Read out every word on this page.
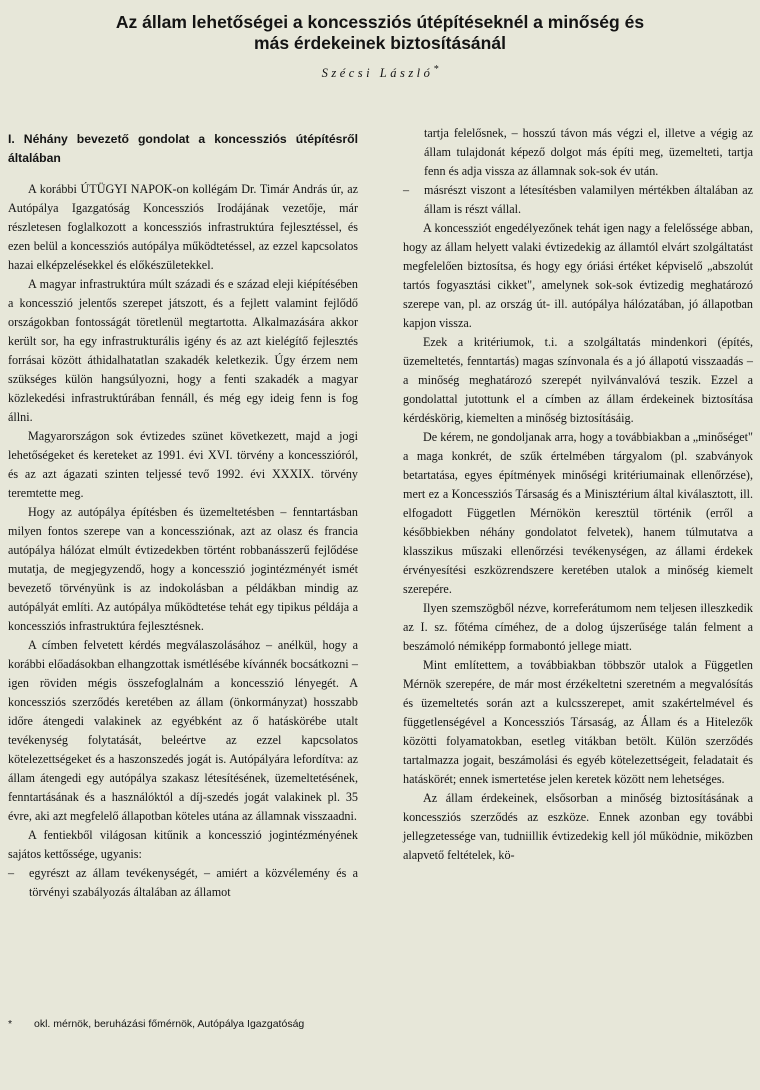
Az állam lehetőségei a koncessziós útépítéseknél a minőség és
más érdekeinek biztosításánál
Szécsi László*
I. Néhány bevezető gondolat a koncessziós útépítésről általában

A korábbi ÚTÜGYI NAPOK-on kollégám Dr. Timár András úr, az Autópálya Igazgatóság Koncessziós Irodájának vezetője, már részletesen foglalkozott a koncessziós infrastruktúra fejlesztéssel, és ezen belül a koncessziós autópálya működtetéssel, az ezzel kapcsolatos hazai elképzelésekkel és előkészületekkel.

A magyar infrastruktúra múlt századi és e század eleji kiépítésében a koncesszió jelentős szerepet játszott, és a fejlett valamint fejlődő országokban fontosságát töretlenül megtartotta. Alkalmazására akkor került sor, ha egy infrastrukturális igény és az azt kielégítő fejlesztés forrásai között áthidalhatatlan szakadék keletkezik. Úgy érzem nem szükséges külön hangsúlyozni, hogy a fenti szakadék a magyar közlekedési infrastruktúrában fennáll, és még egy ideig fenn is fog állni.

Magyarországon sok évtizedes szünet következett, majd a jogi lehetőségeket és kereteket az 1991. évi XVI. törvény a koncesszióról, és az azt ágazati szinten teljessé tevő 1992. évi XXXIX. törvény teremtette meg.

Hogy az autópálya építésben és üzemeltetésben – fenntartásban milyen fontos szerepe van a koncessziónak, azt az olasz és francia autópálya hálózat elmúlt évtizedekben történt robbanásszerű fejlődése mutatja, de megjegyzendő, hogy a koncesszió jogintézményét ismét bevezető törvényünk is az indokolásban a példákban mindig az autópályát említi. Az autópálya működtetése tehát egy tipikus példája a koncessziós infrastruktúra fejlesztésnek.

A címben felvetett kérdés megválaszolásához – anélkül, hogy a korábbi előadásokban elhangzottak ismétlésébe kívánnék bocsátkozni – igen röviden mégis összefoglalnám a koncesszió lényegét. A koncessziós szerződés keretében az állam (önkormányzat) hosszabb időre átengedi valakinek az egyébként az ő hatáskörébe utalt tevékenység folytatását, beleértve az ezzel kapcsolatos kötelezettségeket és a haszonszedés jogát is. Autópályára lefordítva: az állam átengedi egy autópálya szakasz létesítésének, üzemeltetésének, fenntartásának és a használóktól a díj-szedés jogát valakinek pl. 35 évre, aki azt megfelelő állapotban köteles utána az államnak visszaadni.

A fentiekből világosan kitűnik a koncesszió jogintézményének sajátos kettőssége, ugyanis:

– egyrészt az állam tevékenységét, – amiért a közvélemény és a törvényi szabályozás általában az államot

tartja felelősnek, – hosszú távon más végzi el, illetve a végig az állam tulajdonát képező dolgot más építi meg, üzemelteti, tartja fenn és adja vissza az államnak sok-sok év után.

– másrészt viszont a létesítésben valamilyen mértékben általában az állam is részt vállal.

A koncessziót engedélyezőnek tehát igen nagy a felelőssége abban, hogy az állam helyett valaki évtizedekig az államtól elvárt szolgáltatást megfelelően biztosítsa, és hogy egy óriási értéket képviselő „abszolút tartós fogyasztási cikket", amelynek sok-sok évtizedig meghatározó szerepe van, pl. az ország út- ill. autópálya hálózatában, jó állapotban kapjon vissza.

Ezek a kritériumok, t.i. a szolgáltatás mindenkori (építés, üzemeltetés, fenntartás) magas színvonala és a jó állapotú visszaadás – a minőség meghatározó szerepét nyilvánvalóvá teszik. Ezzel a gondolattal jutottunk el a címben az állam érdekeinek biztosítása kérdéskörig, kiemelten a minőség biztosításáig.

De kérem, ne gondoljanak arra, hogy a továbbiakban a „minőséget" a maga konkrét, de szűk értelmében tárgyalom (pl. szabványok betartatása, egyes építmények minőségi kritériumainak ellenőrzése), mert ez a Koncessziós Társaság és a Minisztérium által kiválasztott, ill. elfogadott Független Mérnökön keresztül történik (erről a későbbiekben néhány gondolatot felvetek), hanem túlmutatva a klasszikus műszaki ellenőrzési tevékenységen, az állami érdekek érvényesítési eszközrendszere keretében utalok a minőség kiemelt szerepére.

Ilyen szemszögből nézve, korreferátumom nem teljesen illeszkedik az I. sz. főtéma címéhez, de a dolog újszerűsége talán felment a beszámoló némiképp formabontó jellege miatt.

Mint említettem, a továbbiakban többször utalok a Független Mérnök szerepére, de már most érzékeltetni szeretném a megvalósítás és üzemeltetés során azt a kulcsszerepet, amit szakértelmével és függetlenségével a Koncessziós Társaság, az Állam és a Hitelezők közötti folyamatokban, esetleg vitákban betölt. Külön szerződés tartalmazza jogait, beszámolási és egyéb kötelezettségeit, feladatait és hatáskörét; ennek ismertetése jelen keretek között nem lehetséges.

Az állam érdekeinek, elsősorban a minőség biztosításának a koncessziós szerződés az eszköze. Ennek azonban egy további jellegzetessége van, tudniillik évtizedekig kell jól működnie, miközben alapvető feltételek, kö-

* okl. mérnök, beruházási főmérnök, Autópálya Igazgatóság
